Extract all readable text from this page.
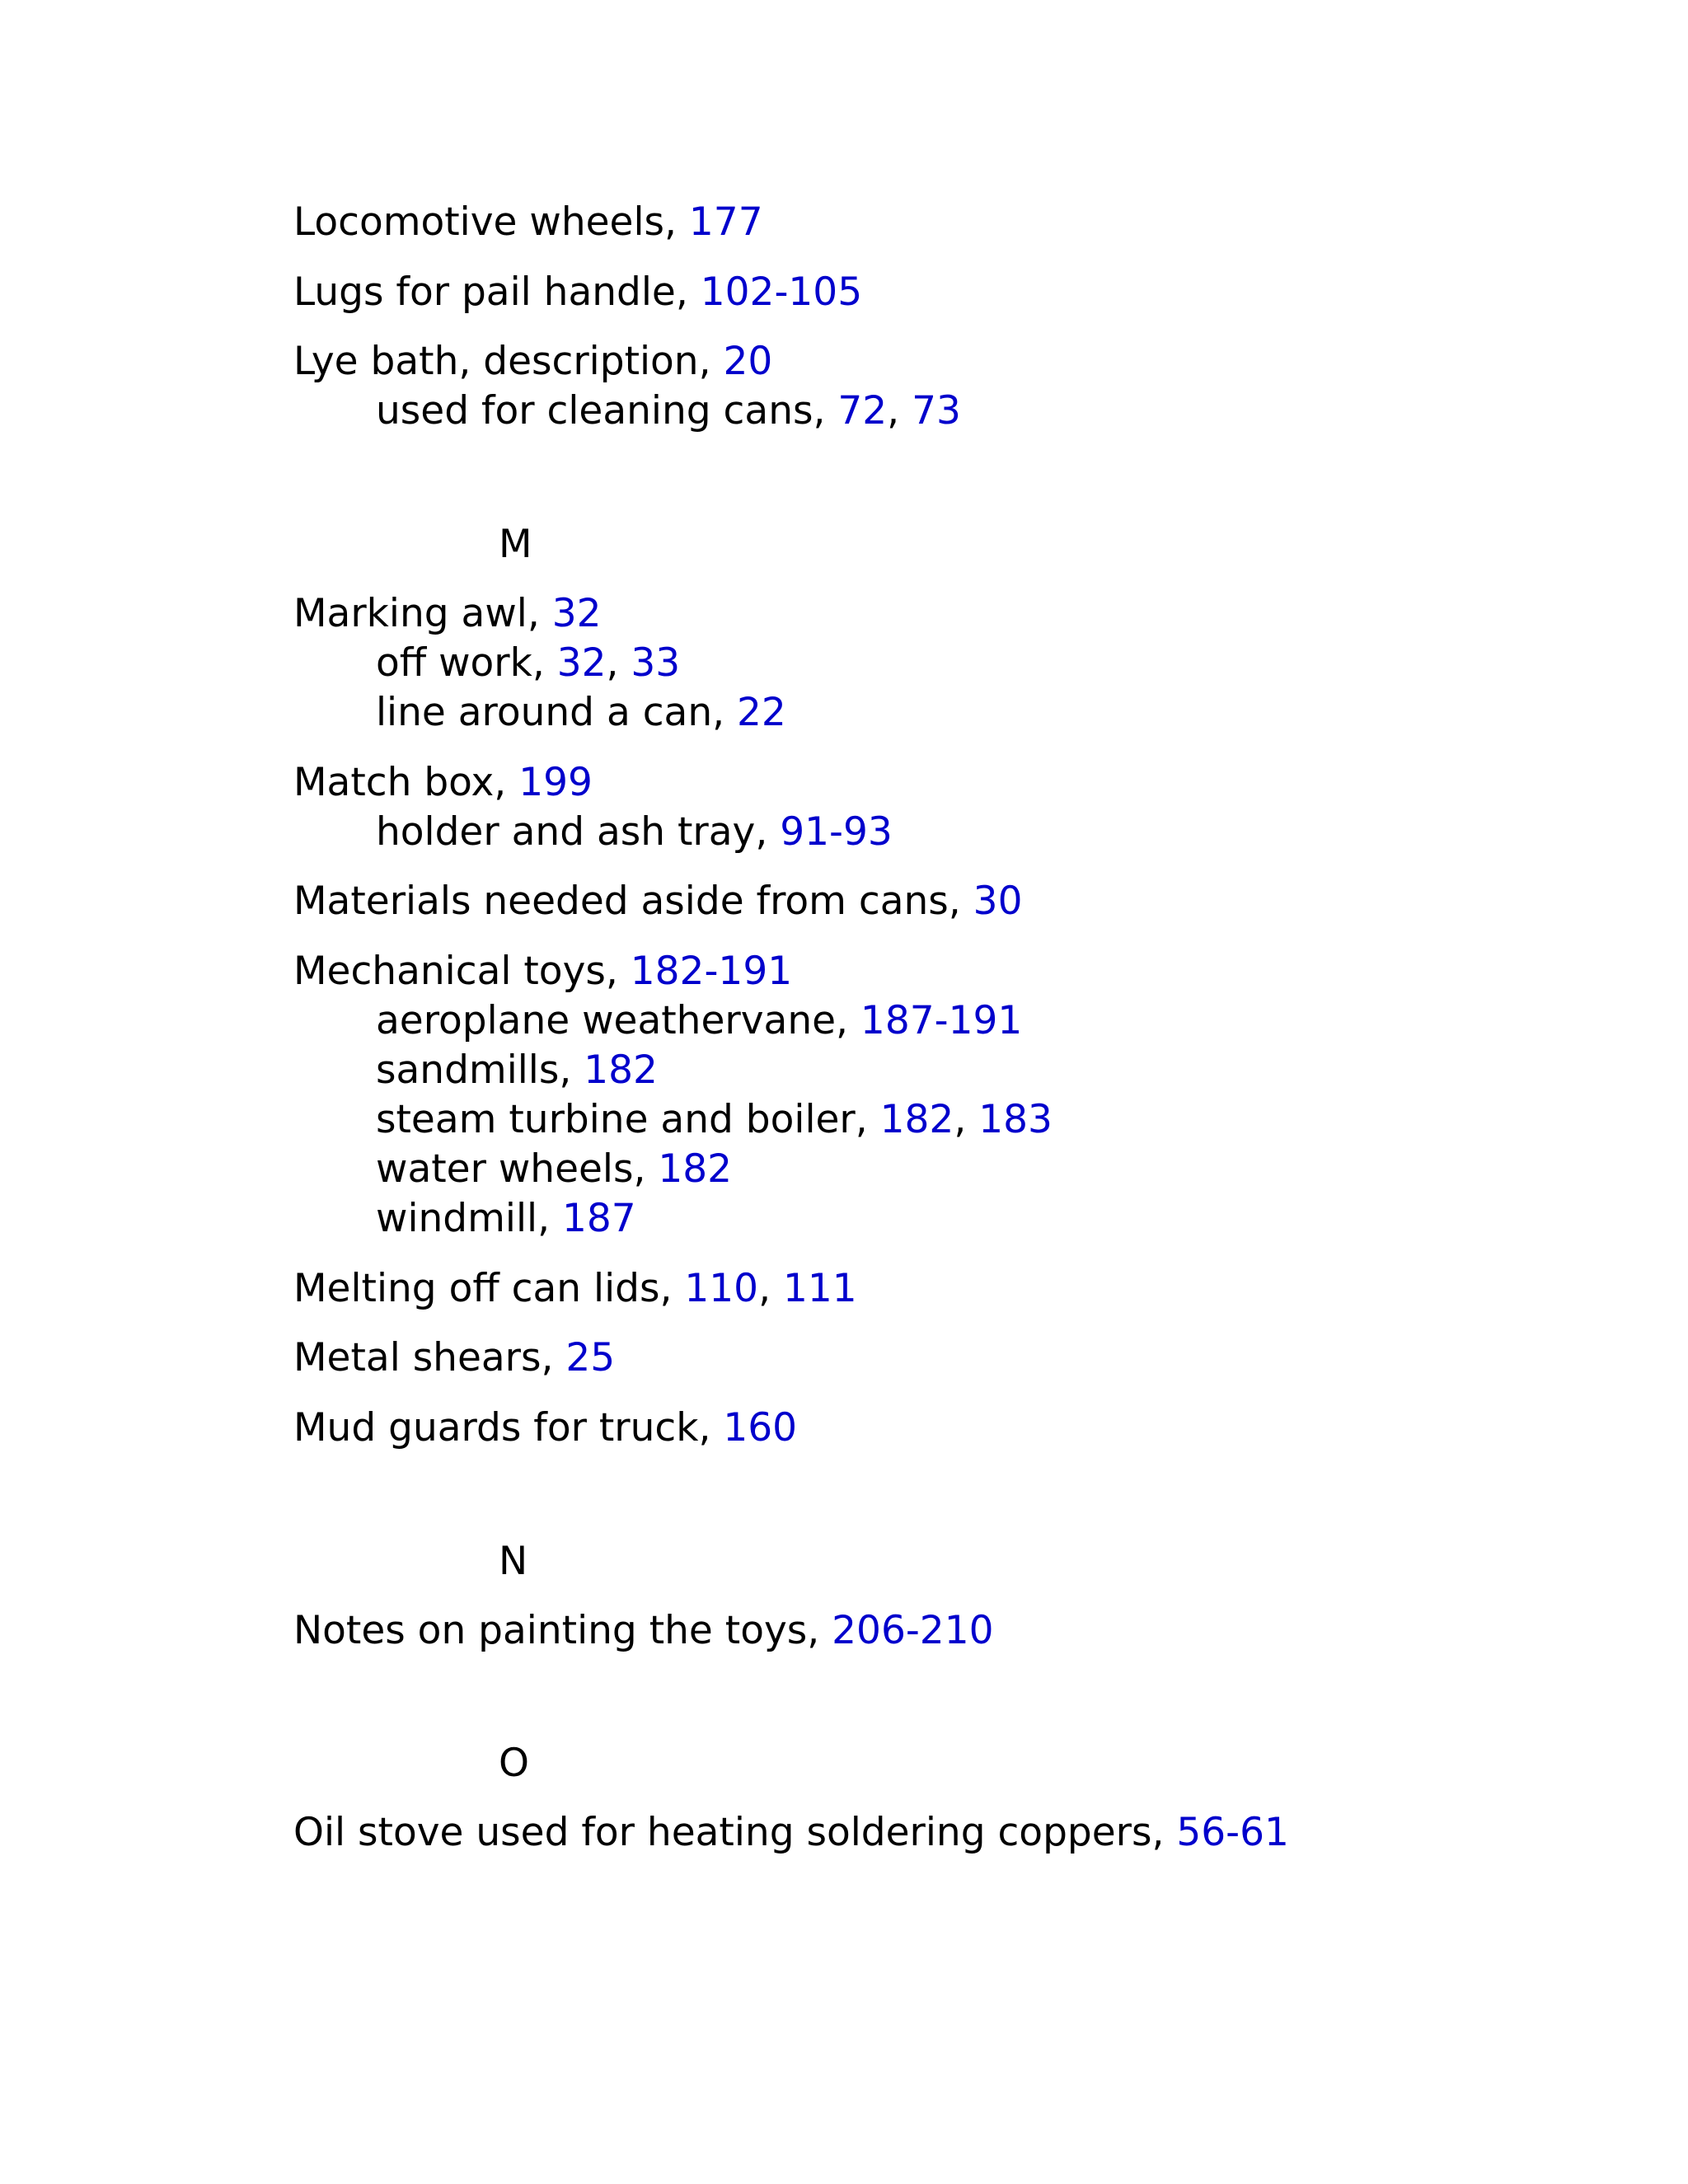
Locomotive wheels, 177
Lugs for pail handle, 102-105
Lye bath, description, 20
used for cleaning cans, 72, 73
M
Marking awl, 32
off work, 32, 33
line around a can, 22
Match box, 199
holder and ash tray, 91-93
Materials needed aside from cans, 30
Mechanical toys, 182-191
aeroplane weathervane, 187-191
sandmills, 182
steam turbine and boiler, 182, 183
water wheels, 182
windmill, 187
Melting off can lids, 110, 111
Metal shears, 25
Mud guards for truck, 160
N
Notes on painting the toys, 206-210
O
Oil stove used for heating soldering coppers, 56-61
